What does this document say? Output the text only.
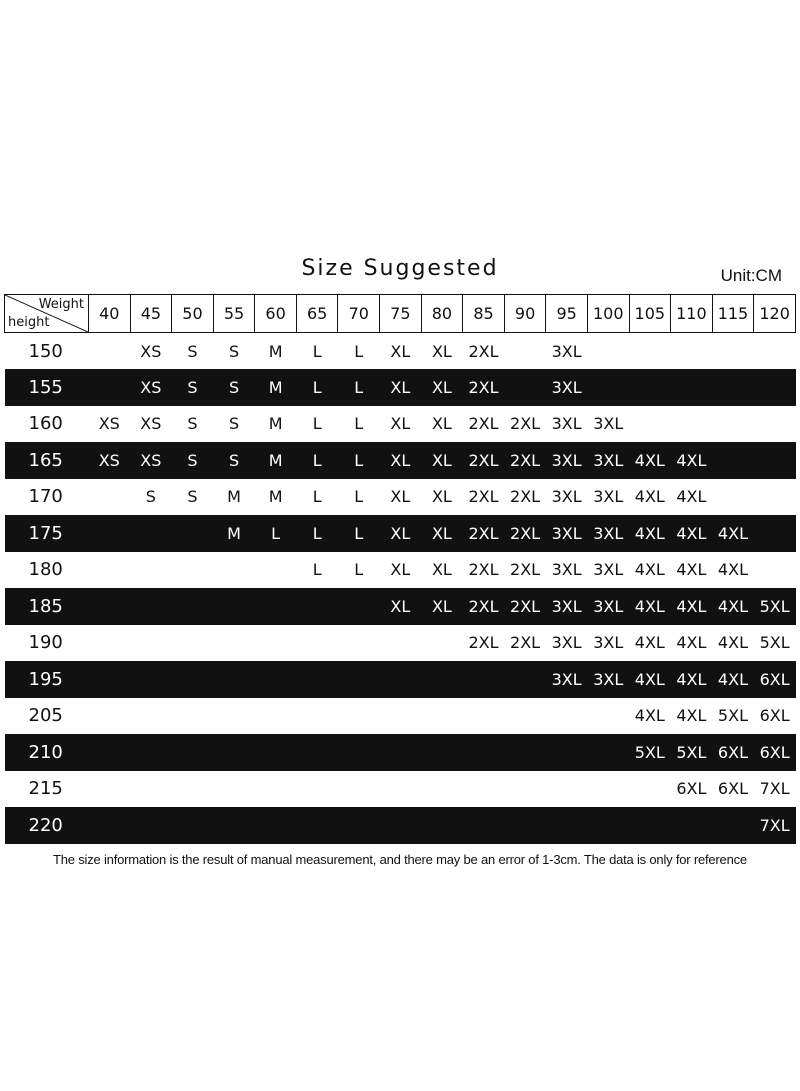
Size Suggested	Unit:CM
Weight
height	40	45	50	55	60	65	70	75	80	85	90	95	100	105	110	115	120
150		XS	S	S	M	L	L	XL	XL	2XL		3XL					
155		XS	S	S	M	L	L	XL	XL	2XL		3XL					
160	XS	XS	S	S	M	L	L	XL	XL	2XL	2XL	3XL	3XL				
165	XS	XS	S	S	M	L	L	XL	XL	2XL	2XL	3XL	3XL	4XL	4XL		
170		S	S	M	M	L	L	XL	XL	2XL	2XL	3XL	3XL	4XL	4XL		
175				M	L	L	L	XL	XL	2XL	2XL	3XL	3XL	4XL	4XL	4XL	
180						L	L	XL	XL	2XL	2XL	3XL	3XL	4XL	4XL	4XL	
185								XL	XL	2XL	2XL	3XL	3XL	4XL	4XL	4XL	5XL
190										2XL	2XL	3XL	3XL	4XL	4XL	4XL	5XL
195												3XL	3XL	4XL	4XL	4XL	6XL
205														4XL	4XL	5XL	6XL
210														5XL	5XL	6XL	6XL
215															6XL	6XL	7XL
220																	7XL
The size information is the result of manual measurement, and there may be an error of 1-3cm. The data is only for reference
